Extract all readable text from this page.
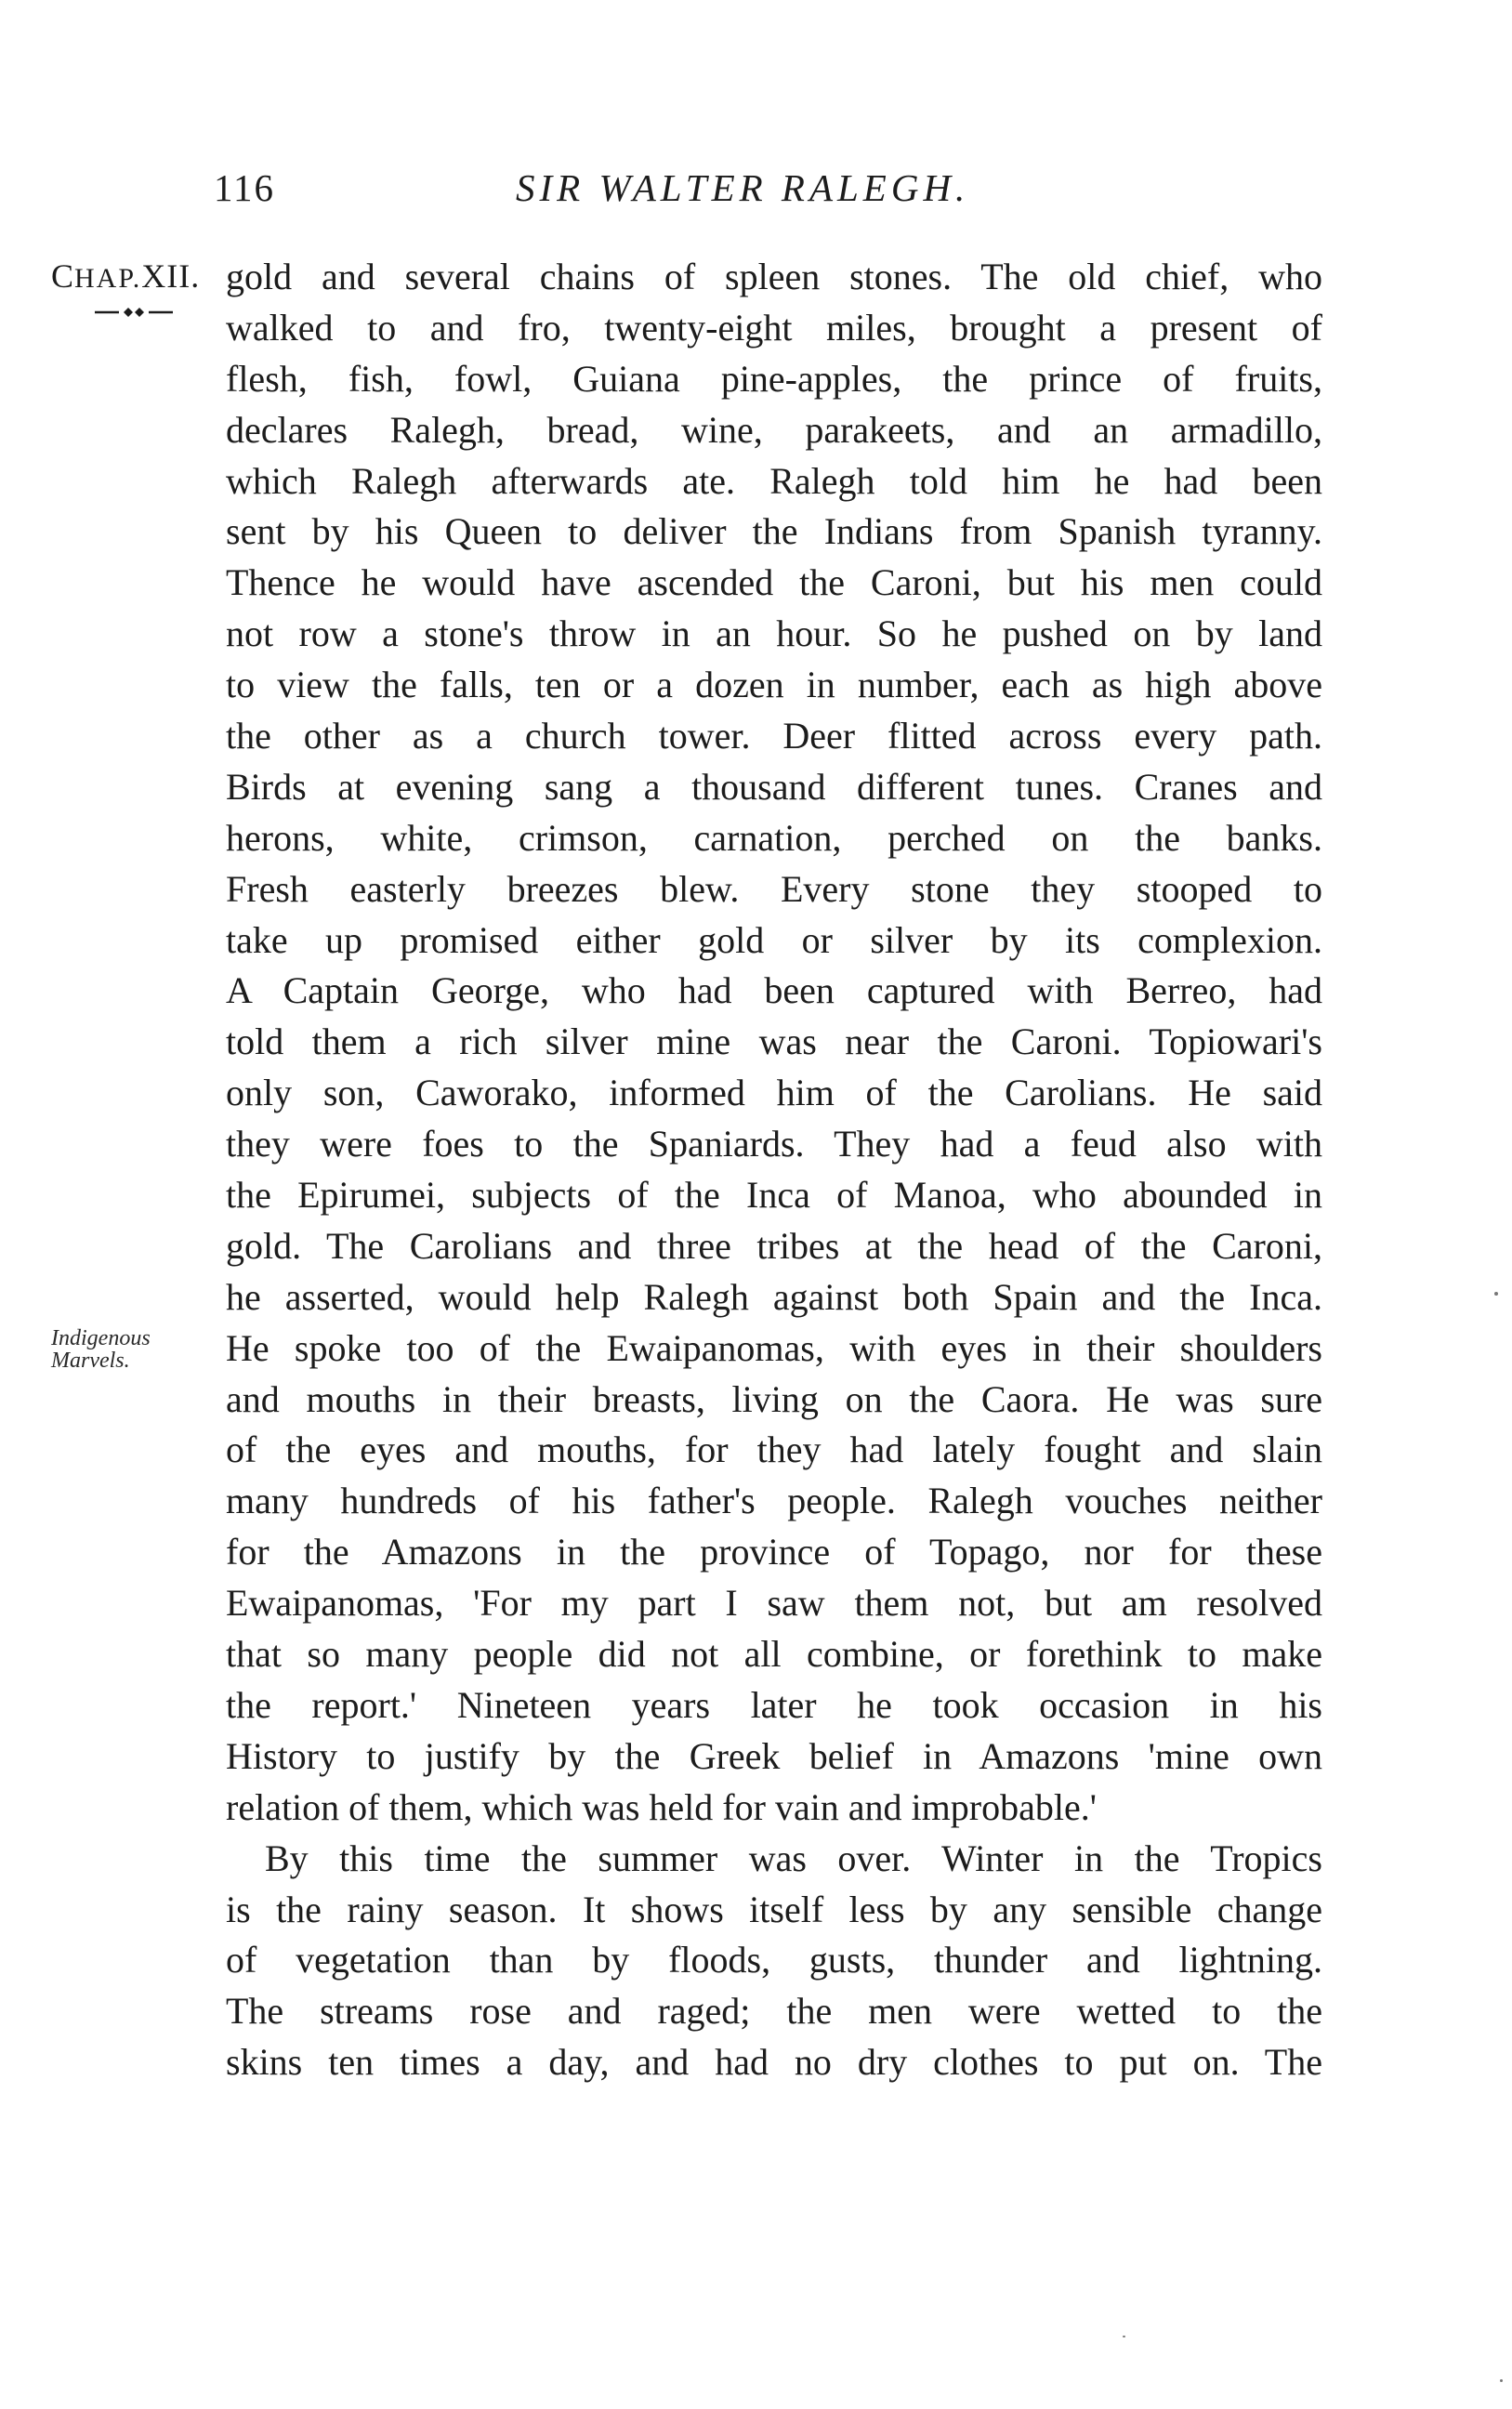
116	SIR WALTER RALEGH.
CHAP.XII.
Indigenous
Marvels.
gold and several chains of spleen stones. The old chief, who
walked to and fro, twenty-eight miles, brought a present of
flesh, fish, fowl, Guiana pine-apples, the prince of fruits,
declares Ralegh, bread, wine, parakeets, and an armadillo,
which Ralegh afterwards ate. Ralegh told him he had been
sent by his Queen to deliver the Indians from Spanish tyranny.
Thence he would have ascended the Caroni, but his men could
not row a stone's throw in an hour. So he pushed on by land
to view the falls, ten or a dozen in number, each as high above
the other as a church tower. Deer flitted across every path.
Birds at evening sang a thousand different tunes. Cranes and
herons, white, crimson, carnation, perched on the banks.
Fresh easterly breezes blew. Every stone they stooped to
take up promised either gold or silver by its complexion.
A Captain George, who had been captured with Berreo, had
told them a rich silver mine was near the Caroni. Topiowari's
only son, Caworako, informed him of the Carolians. He said
they were foes to the Spaniards. They had a feud also with
the Epirumei, subjects of the Inca of Manoa, who abounded in
gold. The Carolians and three tribes at the head of the Caroni,
he asserted, would help Ralegh against both Spain and the Inca.
He spoke too of the Ewaipanomas, with eyes in their shoulders
and mouths in their breasts, living on the Caora. He was sure
of the eyes and mouths, for they had lately fought and slain
many hundreds of his father's people. Ralegh vouches neither
for the Amazons in the province of Topago, nor for these
Ewaipanomas, 'For my part I saw them not, but am resolved
that so many people did not all combine, or forethink to make
the report.' Nineteen years later he took occasion in his
History to justify by the Greek belief in Amazons 'mine own
relation of them, which was held for vain and improbable.'
By this time the summer was over. Winter in the Tropics
is the rainy season. It shows itself less by any sensible change
of vegetation than by floods, gusts, thunder and lightning.
The streams rose and raged; the men were wetted to the
skins ten times a day, and had no dry clothes to put on. The
